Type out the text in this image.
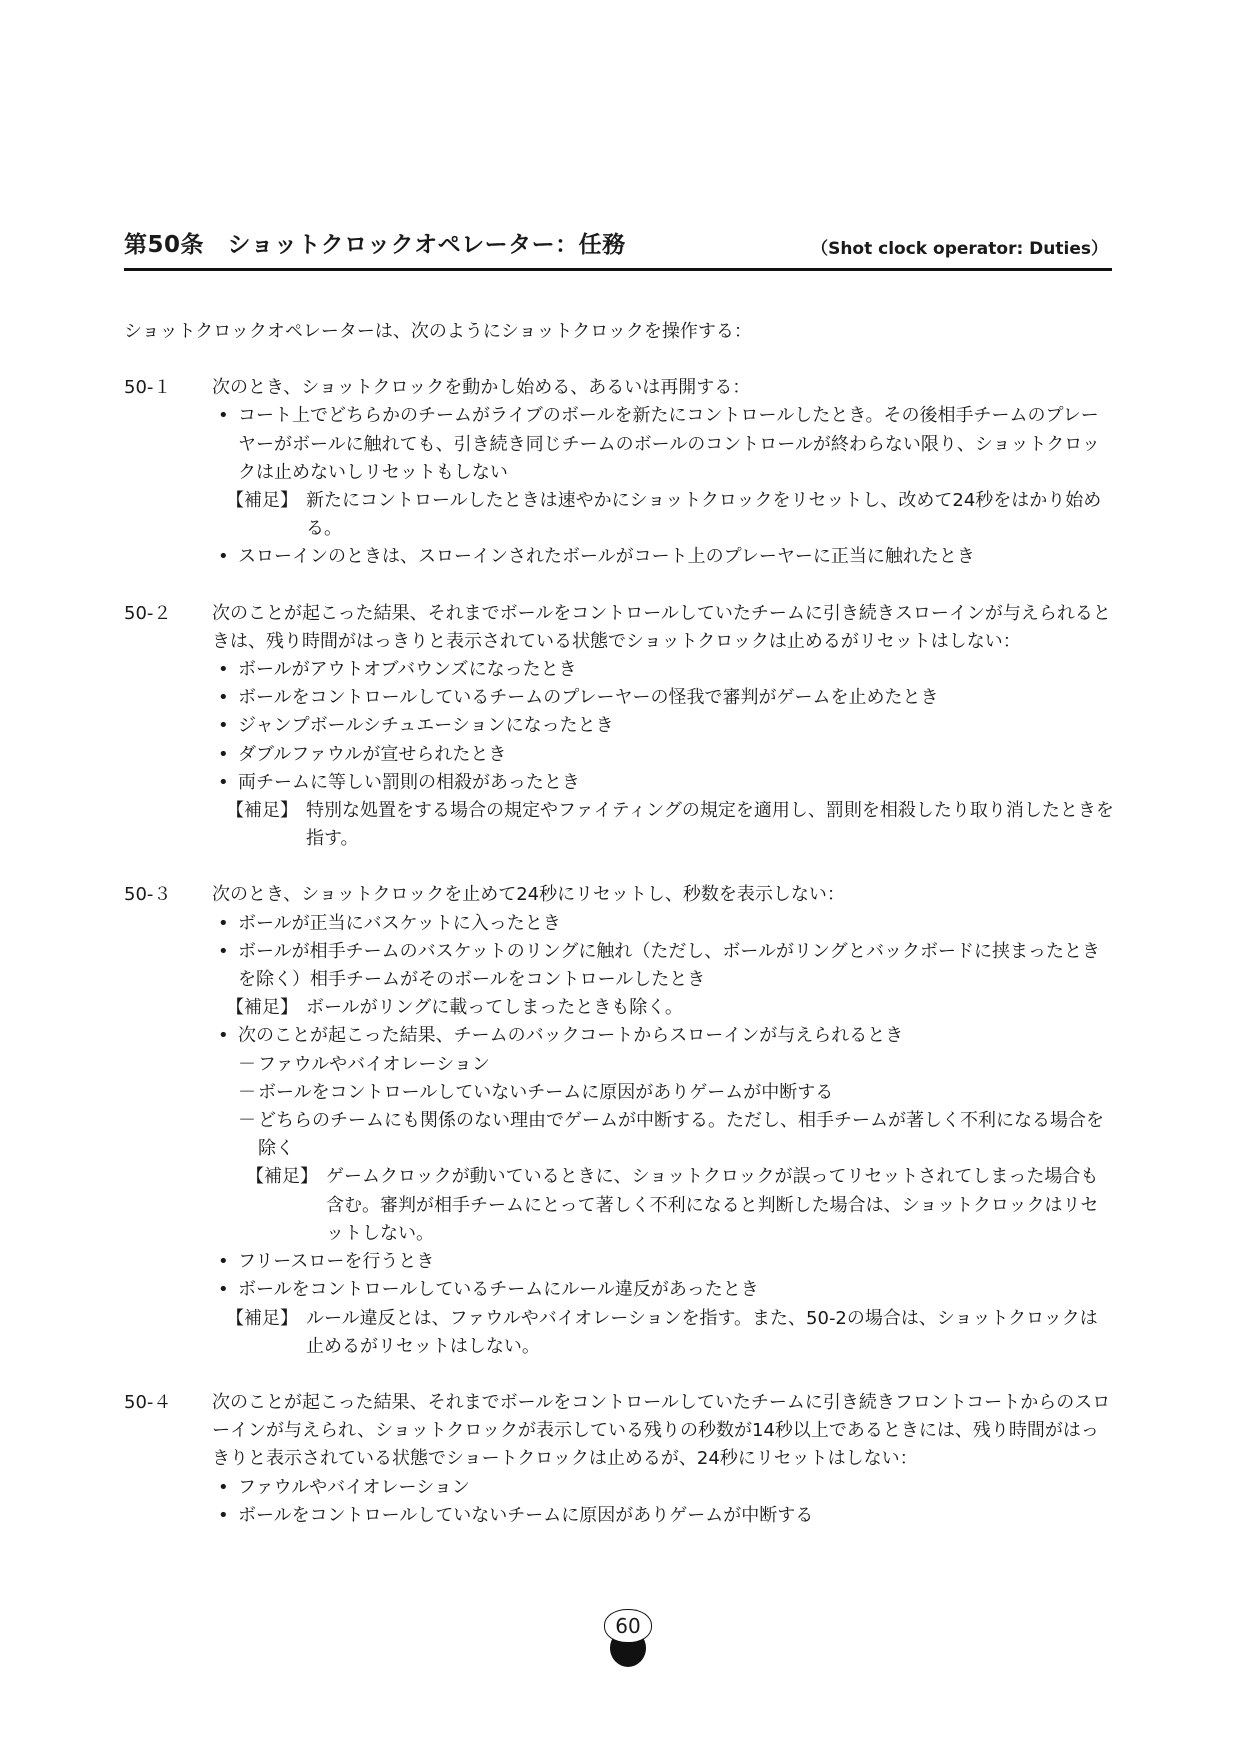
第50条　ショットクロックオペレーター：任務	（Shot clock operator: Duties）

ショットクロックオペレーターは、次のようにショットクロックを操作する：

50-１ 次のとき、ショットクロックを動かし始める、あるいは再開する：

• コート上でどちらかのチームがライブのボールを新たにコントロールしたとき。その後相手チームのプレーヤーがボールに触れても、引き続き同じチームのボールのコントロールが終わらない限り、ショットクロックは止めないしリセットもしない
【補足】 新たにコントロールしたときは速やかにショットクロックをリセットし、改めて24秒をはかり始める。
• スローインのときは、スローインされたボールがコート上のプレーヤーに正当に触れたとき
50-２ 次のことが起こった結果、それまでボールをコントロールしていたチームに引き続きスローインが与えられるときは、残り時間がはっきりと表示されている状態でショットクロックは止めるがリセットはしない：

• ボールがアウトオブバウンズになったとき
• ボールをコントロールしているチームのプレーヤーの怪我で審判がゲームを止めたとき
• ジャンプボールシチュエーションになったとき
• ダブルファウルが宣せられたとき
• 両チームに等しい罰則の相殺があったとき
【補足】 特別な処置をする場合の規定やファイティングの規定を適用し、罰則を相殺したり取り消したときを指す。
50-３ 次のとき、ショットクロックを止めて24秒にリセットし、秒数を表示しない：

• ボールが正当にバスケットに入ったとき
• ボールが相手チームのバスケットのリングに触れ（ただし、ボールがリングとバックボードに挟まったときを除く）相手チームがそのボールをコントロールしたとき
【補足】 ボールがリングに載ってしまったときも除く。
• 次のことが起こった結果、チームのバックコートからスローインが与えられるとき
－ ファウルやバイオレーション
－ ボールをコントロールしていないチームに原因がありゲームが中断する
－ どちらのチームにも関係のない理由でゲームが中断する。ただし、相手チームが著しく不利になる場合を除く
【補足】 ゲームクロックが動いているときに、ショットクロックが誤ってリセットされてしまった場合も含む。審判が相手チームにとって著しく不利になると判断した場合は、ショットクロックはリセットしない。
• フリースローを行うとき
• ボールをコントロールしているチームにルール違反があったとき
【補足】 ルール違反とは、ファウルやバイオレーションを指す。また、50-2の場合は、ショットクロックは止めるがリセットはしない。
50-４ 次のことが起こった結果、それまでボールをコントロールしていたチームに引き続きフロントコートからのスローインが与えられ、ショットクロックが表示している残りの秒数が14秒以上であるときには、残り時間がはっきりと表示されている状態でショートクロックは止めるが、24秒にリセットはしない：

• ファウルやバイオレーション
• ボールをコントロールしていないチームに原因がありゲームが中断する
60
